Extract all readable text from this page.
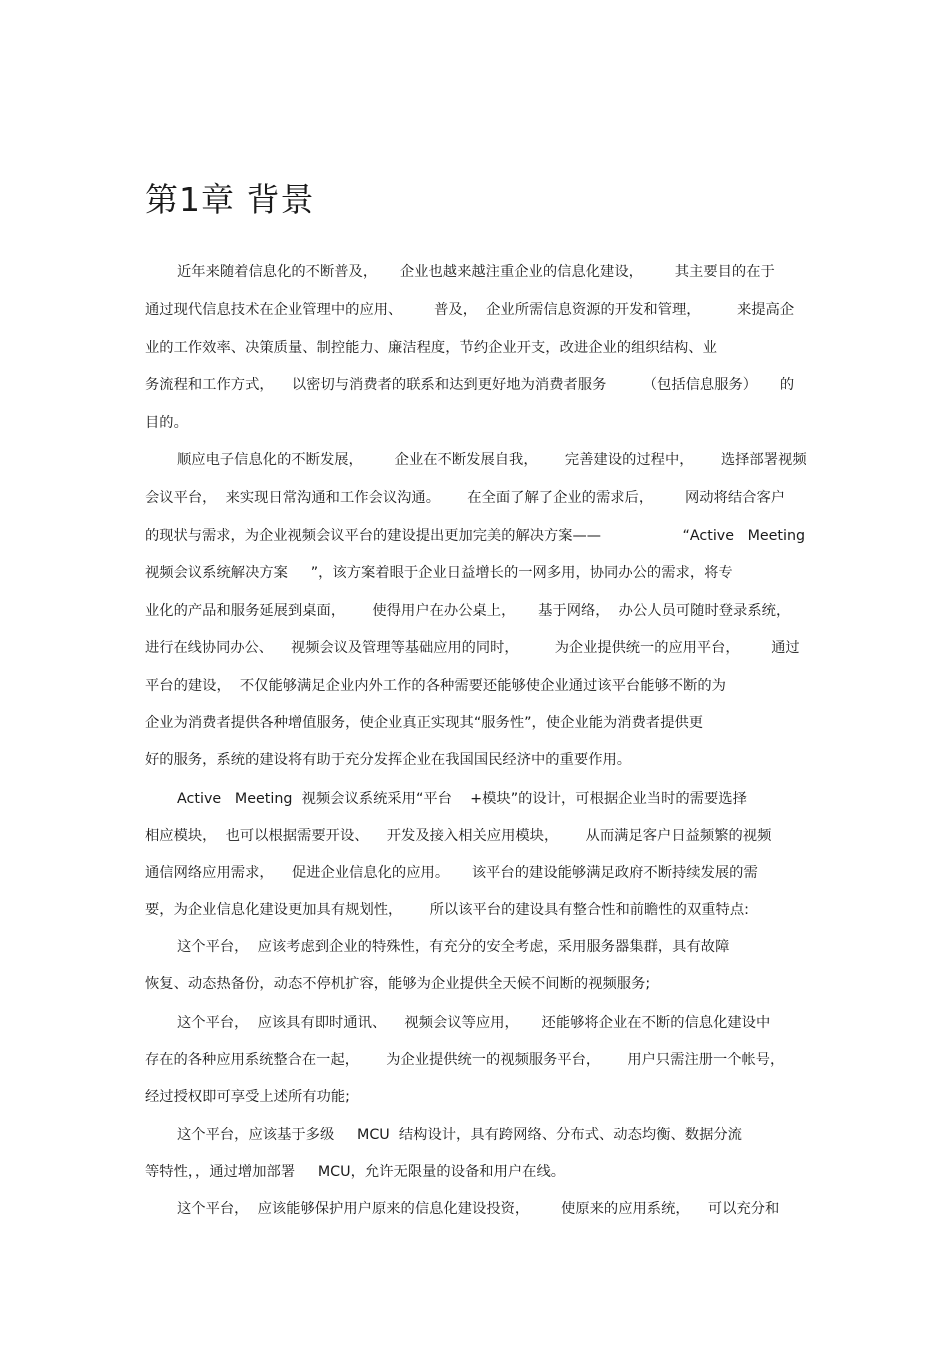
第1章 背景

近年来随着信息化的不断普及，     企业也越来越注重企业的信息化建设，       其主要目的在于

通过现代信息技术在企业管理中的应用、       普及，  企业所需信息资源的开发和管理，        来提高企

业的工作效率、决策质量、制控能力、廉洁程度，节约企业开支，改进企业的组织结构、业

务流程和工作方式，    以密切与消费者的联系和达到更好地为消费者服务        （包括信息服务）     的

目的。

顺应电子信息化的不断发展，       企业在不断发展自我，      完善建设的过程中，      选择部署视频

会议平台，  来实现日常沟通和工作会议沟通。      在全面了解了企业的需求后，       网动将结合客户

的现状与需求，为企业视频会议平台的建设提出更加完美的解决方案——                  “Active   Meeting

视频会议系统解决方案     ”，该方案着眼于企业日益增长的一网多用，协同办公的需求，将专

业化的产品和服务延展到桌面，      使得用户在办公桌上，     基于网络，  办公人员可随时登录系统，

进行在线协同办公、    视频会议及管理等基础应用的同时，        为企业提供统一的应用平台，       通过

平台的建设，  不仅能够满足企业内外工作的各种需要还能够使企业通过该平台能够不断的为

企业为消费者提供各种增值服务，使企业真正实现其“服务性”，使企业能为消费者提供更

好的服务，系统的建设将有助于充分发挥企业在我国国民经济中的重要作用。

Active   Meeting  视频会议系统采用“平台    +模块”的设计，可根据企业当时的需要选择

相应模块，  也可以根据需要开设、    开发及接入相关应用模块，      从而满足客户日益频繁的视频

通信网络应用需求，    促进企业信息化的应用。     该平台的建设能够满足政府不断持续发展的需

要，为企业信息化建设更加具有规划性，      所以该平台的建设具有整合性和前瞻性的双重特点:

这个平台，  应该考虑到企业的特殊性，有充分的安全考虑，采用服务器集群，具有故障

恢复、动态热备份，动态不停机扩容，能够为企业提供全天候不间断的视频服务;

这个平台，  应该具有即时通讯、    视频会议等应用，     还能够将企业在不断的信息化建设中

存在的各种应用系统整合在一起，      为企业提供统一的视频服务平台，      用户只需注册一个帐号，

经过授权即可享受上述所有功能;

这个平台，应该基于多级     MCU  结构设计，具有跨网络、分布式、动态均衡、数据分流

等特性，，通过增加部署     MCU，允许无限量的设备和用户在线。

这个平台，  应该能够保护用户原来的信息化建设投资，       使原来的应用系统，    可以充分和
